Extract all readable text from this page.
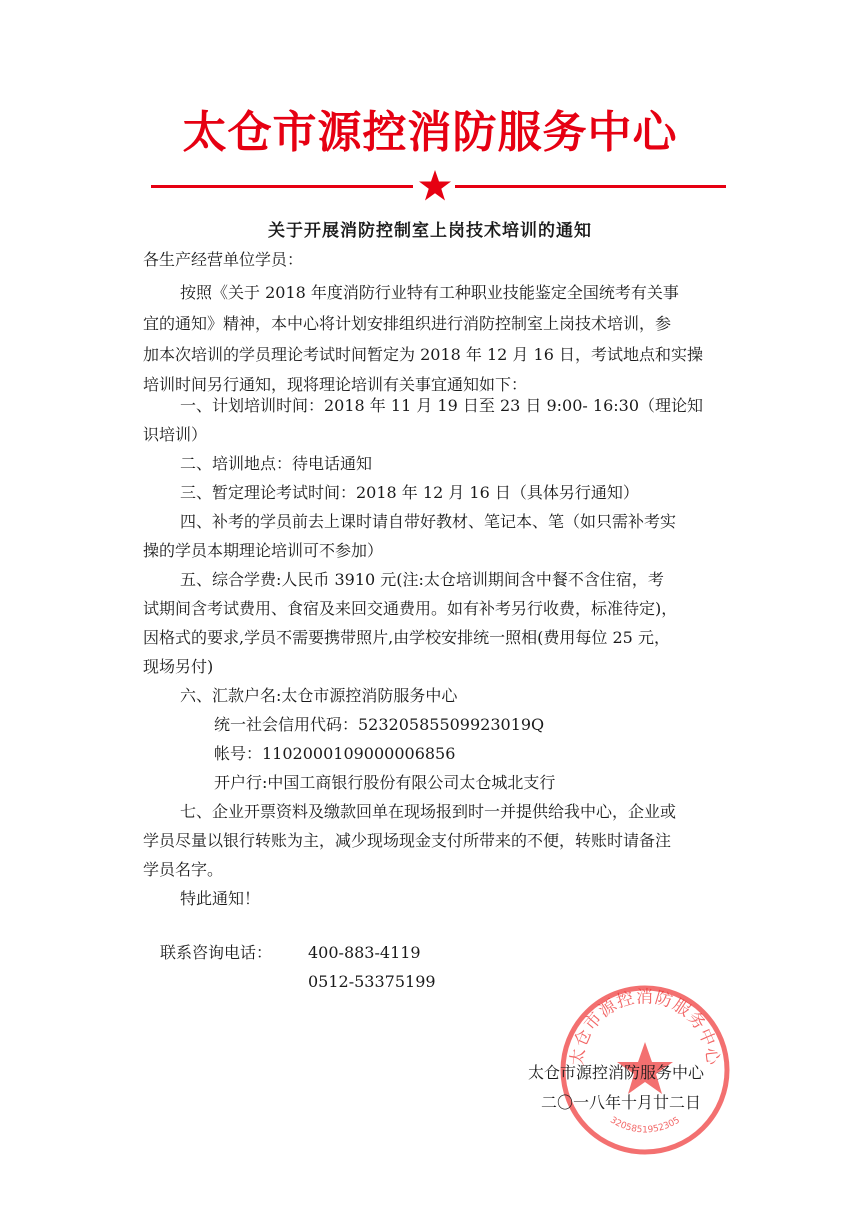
太仓市源控消防服务中心
关于开展消防控制室上岗技术培训的通知
各生产经营单位学员：
按照《关于 2018 年度消防行业特有工种职业技能鉴定全国统考有关事
宜的通知》精神，本中心将计划安排组织进行消防控制室上岗技术培训，参
加本次培训的学员理论考试时间暂定为 2018 年 12 月 16 日，考试地点和实操
培训时间另行通知，现将理论培训有关事宜通知如下：
一、计划培训时间：2018 年 11 月 19 日至 23 日 9:00- 16:30（理论知
识培训）
二、培训地点：待电话通知
三、暂定理论考试时间：2018 年 12 月 16 日（具体另行通知）
四、补考的学员前去上课时请自带好教材、笔记本、笔（如只需补考实
操的学员本期理论培训可不参加）
五、综合学费:人民币 3910 元(注:太仓培训期间含中餐不含住宿，考
试期间含考试费用、食宿及来回交通费用。如有补考另行收费，标准待定)，
因格式的要求,学员不需要携带照片,由学校安排统一照相(费用每位 25 元，
现场另付)
六、汇款户名:太仓市源控消防服务中心
统一社会信用代码：52320585509923019Q
帐号：1102000109000006856
开户行:中国工商银行股份有限公司太仓城北支行
七、企业开票资料及缴款回单在现场报到时一并提供给我中心，企业或
学员尽量以银行转账为主，减少现场现金支付所带来的不便，转账时请备注
学员名字。
特此通知！
联系咨询电话： 400-883-4119
0512-53375199
太仓市源控消防服务中心
3205851952305
太仓市源控消防服务中心
二〇一八年十月廿二日
